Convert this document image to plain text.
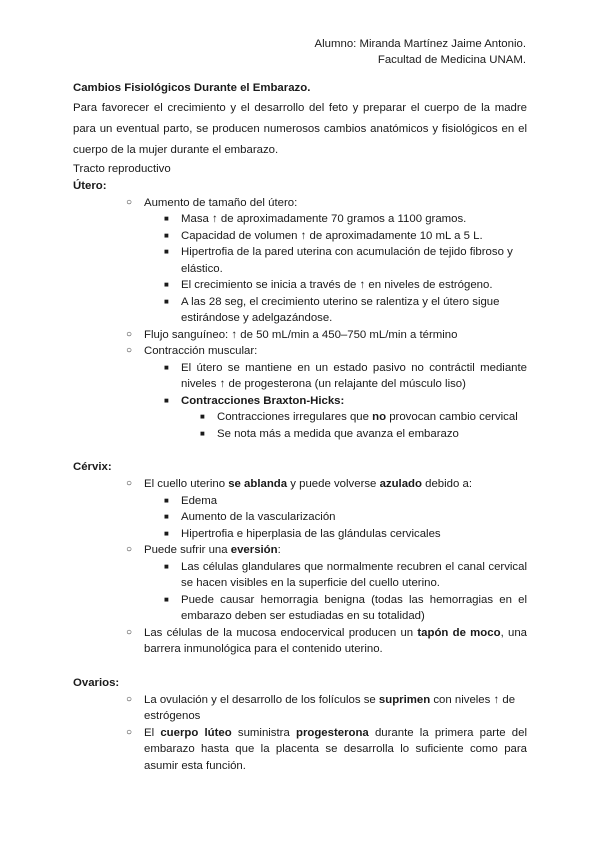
Alumno: Miranda Martínez Jaime Antonio.
Facultad de Medicina UNAM.
Cambios Fisiológicos Durante el Embarazo.
Para favorecer el crecimiento y el desarrollo del feto y preparar el cuerpo de la madre para un eventual parto, se producen numerosos cambios anatómicos y fisiológicos en el cuerpo de la mujer durante el embarazo.
Tracto reproductivo
Útero:
○ Aumento de tamaño del útero:
■ Masa ↑ de aproximadamente 70 gramos a 1100 gramos.
■ Capacidad de volumen ↑ de aproximadamente 10 mL a 5 L.
■ Hipertrofia de la pared uterina con acumulación de tejido fibroso y elástico.
■ El crecimiento se inicia a través de ↑ en niveles de estrógeno.
■ A las 28 seg, el crecimiento uterino se ralentiza y el útero sigue estirándose y adelgazándose.
○ Flujo sanguíneo: ↑ de 50 mL/min a 450–750 mL/min a término
○ Contracción muscular:
■ El útero se mantiene en un estado pasivo no contráctil mediante niveles ↑ de progesterona (un relajante del músculo liso)
■ Contracciones Braxton-Hicks:
■ Contracciones irregulares que no provocan cambio cervical
■ Se nota más a medida que avanza el embarazo
Cérvix:
○ El cuello uterino se ablanda y puede volverse azulado debido a:
■ Edema
■ Aumento de la vascularización
■ Hipertrofia e hiperplasia de las glándulas cervicales
○ Puede sufrir una eversión:
■ Las células glandulares que normalmente recubren el canal cervical se hacen visibles en la superficie del cuello uterino.
■ Puede causar hemorragia benigna (todas las hemorragias en el embarazo deben ser estudiadas en su totalidad)
○ Las células de la mucosa endocervical producen un tapón de moco, una barrera inmunológica para el contenido uterino.
Ovarios:
○ La ovulación y el desarrollo de los folículos se suprimen con niveles ↑ de estrógenos
○ El cuerpo lúteo suministra progesterona durante la primera parte del embarazo hasta que la placenta se desarrolla lo suficiente como para asumir esta función.
